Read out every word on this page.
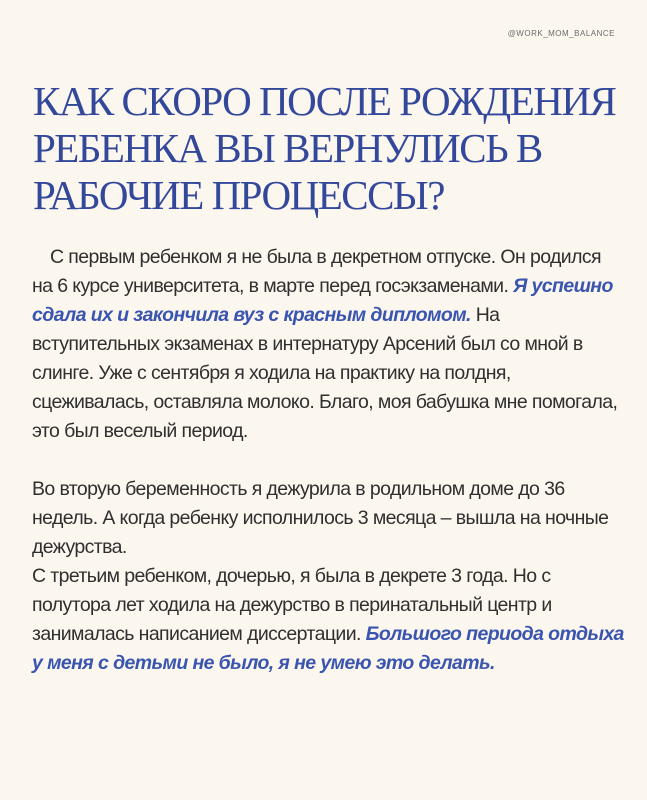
@WORK_MOM_BALANCE
КАК СКОРО ПОСЛЕ РОЖДЕНИЯ РЕБЕНКА ВЫ ВЕРНУЛИСЬ В РАБОЧИЕ ПРОЦЕССЫ?

С первым ребенком я не была в декретном отпуске. Он родился на 6 курсе университета, в марте перед госэкзаменами. Я успешно сдала их и закончила вуз с красным дипломом. На вступительных экзаменах в интернатуру Арсений был со мной в слинге. Уже с сентября я ходила на практику на полдня, сцеживалась, оставляла молоко. Благо, моя бабушка мне помогала, это был веселый период.

Во вторую беременность я дежурила в родильном доме до 36 недель. А когда ребенку исполнилось 3 месяца – вышла на ночные дежурства.
С третьим ребенком, дочерью, я была в декрете 3 года. Но с полутора лет ходила на дежурство в перинатальный центр и занималась написанием диссертации. Большого периода отдыха у меня с детьми не было, я не умею это делать.
